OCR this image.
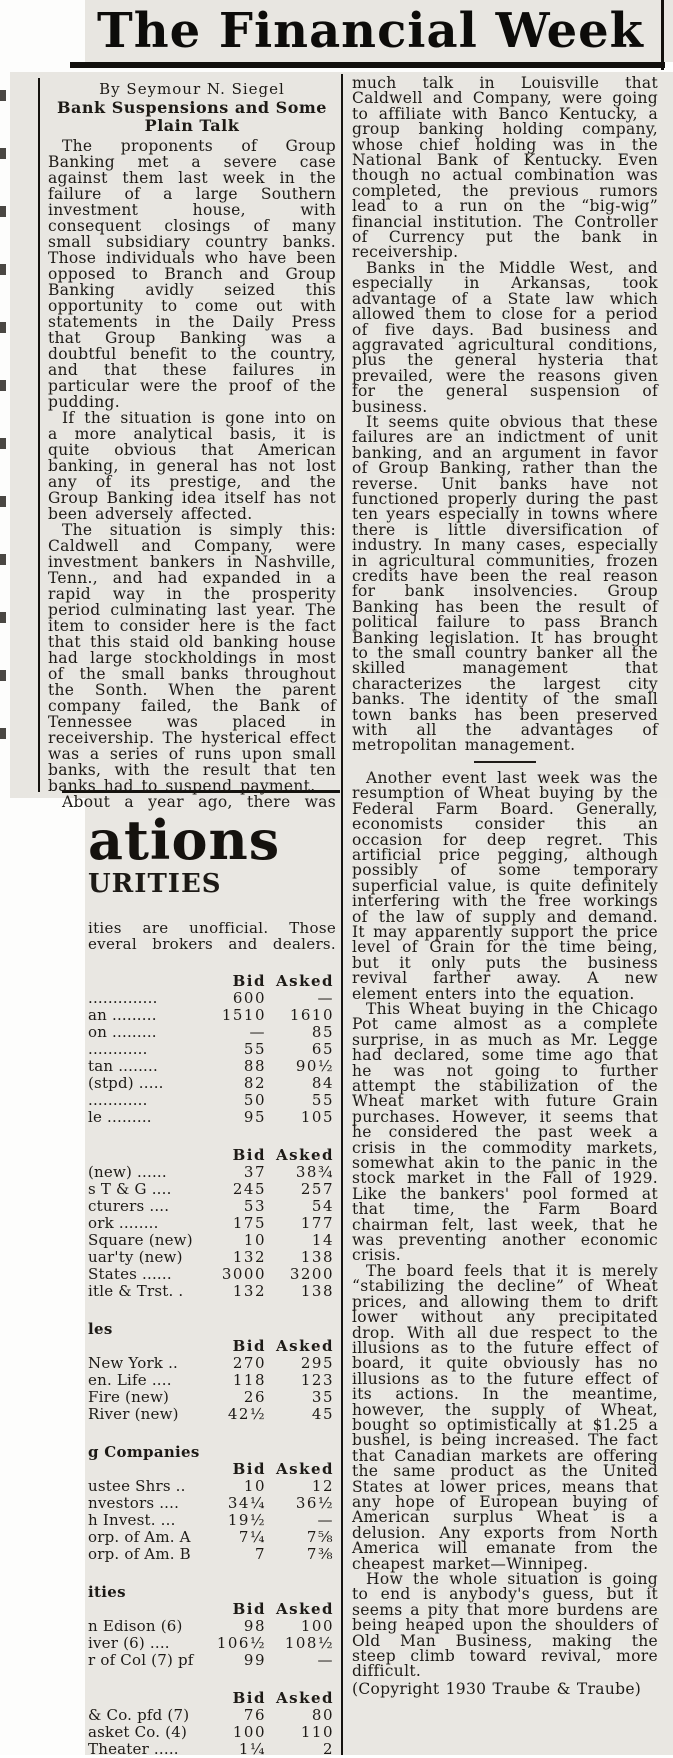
The Financial Week
By Seymour N. Siegel
Bank Suspensions and Some Plain Talk

The proponents of Group Banking met a severe case against them last week in the failure of a large Southern investment house, with consequent closings of many small subsidiary country banks. Those individuals who have been opposed to Branch and Group Banking avidly seized this opportunity to come out with statements in the Daily Press that Group Banking was a doubtful benefit to the country, and that these failures in particular were the proof of the pudding.

If the situation is gone into on a more analytical basis, it is quite obvious that American banking, in general has not lost any of its prestige, and the Group Banking idea itself has not been adversely affected.

The situation is simply this: Caldwell and Company, were investment bankers in Nashville, Tenn., and had expanded in a rapid way in the prosperity period culminating last year. The item to consider here is the fact that this staid old banking house had large stockholdings in most of the small banks throughout the Sonth. When the parent company failed, the Bank of Tennessee was placed in receivership. The hysterical effect was a series of runs upon small banks, with the result that ten banks had to suspend payment.

About a year ago, there was

much talk in Louisville that Caldwell and Company, were going to affiliate with Banco Kentucky, a group banking holding company, whose chief holding was in the National Bank of Kentucky. Even though no actual combination was completed, the previous rumors lead to a run on the “big-wig” financial institution. The Controller of Currency put the bank in receivership.

Banks in the Middle West, and especially in Arkansas, took advantage of a State law which allowed them to close for a period of five days. Bad business and aggravated agricultural conditions, plus the general hysteria that prevailed, were the reasons given for the general suspension of business.

It seems quite obvious that these failures are an indictment of unit banking, and an argument in favor of Group Banking, rather than the reverse. Unit banks have not functioned properly during the past ten years especially in towns where there is little diversification of industry. In many cases, especially in agricultural communities, frozen credits have been the real reason for bank insolvencies. Group Banking has been the result of political failure to pass Branch Banking legislation. It has brought to the small country banker all the skilled management that characterizes the largest city banks. The identity of the small town banks has been preserved with all the advantages of metropolitan management.

Another event last week was the resumption of Wheat buying by the Federal Farm Board. Generally, economists consider this an occasion for deep regret. This artificial price pegging, although possibly of some temporary superficial value, is quite definitely interfering with the free workings of the law of supply and demand. It may apparently support the price level of Grain for the time being, but it only puts the business revival farther away. A new element enters into the equation.

This Wheat buying in the Chicago Pot came almost as a complete surprise, in as much as Mr. Legge had declared, some time ago that he was not going to further attempt the stabilization of the Wheat market with future Grain purchases. However, it seems that he considered the past week a crisis in the commodity markets, somewhat akin to the panic in the stock market in the Fall of 1929. Like the bankers' pool formed at that time, the Farm Board chairman felt, last week, that he was preventing another economic crisis.

The board feels that it is merely “stabilizing the decline” of Wheat prices, and allowing them to drift lower without any precipitated drop. With all due respect to the illusions as to the future effect of board, it quite obviously has no illusions as to the future effect of its actions. In the meantime, however, the supply of Wheat, bought so optimistically at $1.25 a bushel, is being increased. The fact that Canadian markets are offering the same product as the United States at lower prices, means that any hope of European buying of American surplus Wheat is a delusion. Any exports from North America will emanate from the cheapest market—Winnipeg.

How the whole situation is going to end is anybody's guess, but it seems a pity that more burdens are being heaped upon the shoulders of Old Man Business, making the steep climb toward revival, more difficult.

(Copyright 1930 Traube & Traube)
ations
URITIES
ities are unofficial. Those
everal brokers and dealers.
Bid Asked
..............	600	—
an .........	1510	1610
on .........	—	85
............	55	65
tan ........	88	90½
(stpd) .....	82	84
............	50	55
le .........	95	105
Bid Asked
(new) ......	37	38¾
s T & G ....	245	257
cturers ....	53	54
ork ........	175	177
Square (new)	10	14
uar'ty (new)	132	138
States ......	3000	3200
itle & Trst. .	132	138
les
Bid Asked
New York ..	270	295
en. Life ....	118	123
Fire (new)	26	35
River (new)	42½	45
g Companies
Bid Asked
ustee Shrs ..	10	12
nvestors ....	34¼	36½
h Invest. ...	19½	—
orp. of Am. A	7¼	7⅝
orp. of Am. B	7	7⅜
ities
Bid Asked
n Edison (6)	98	100
iver (6) ....	106½	108½
r of Col (7) pf	99	—
Bid Asked
& Co. pfd (7)	76	80
asket Co. (4)	100	110
Theater .....	1¼	2
